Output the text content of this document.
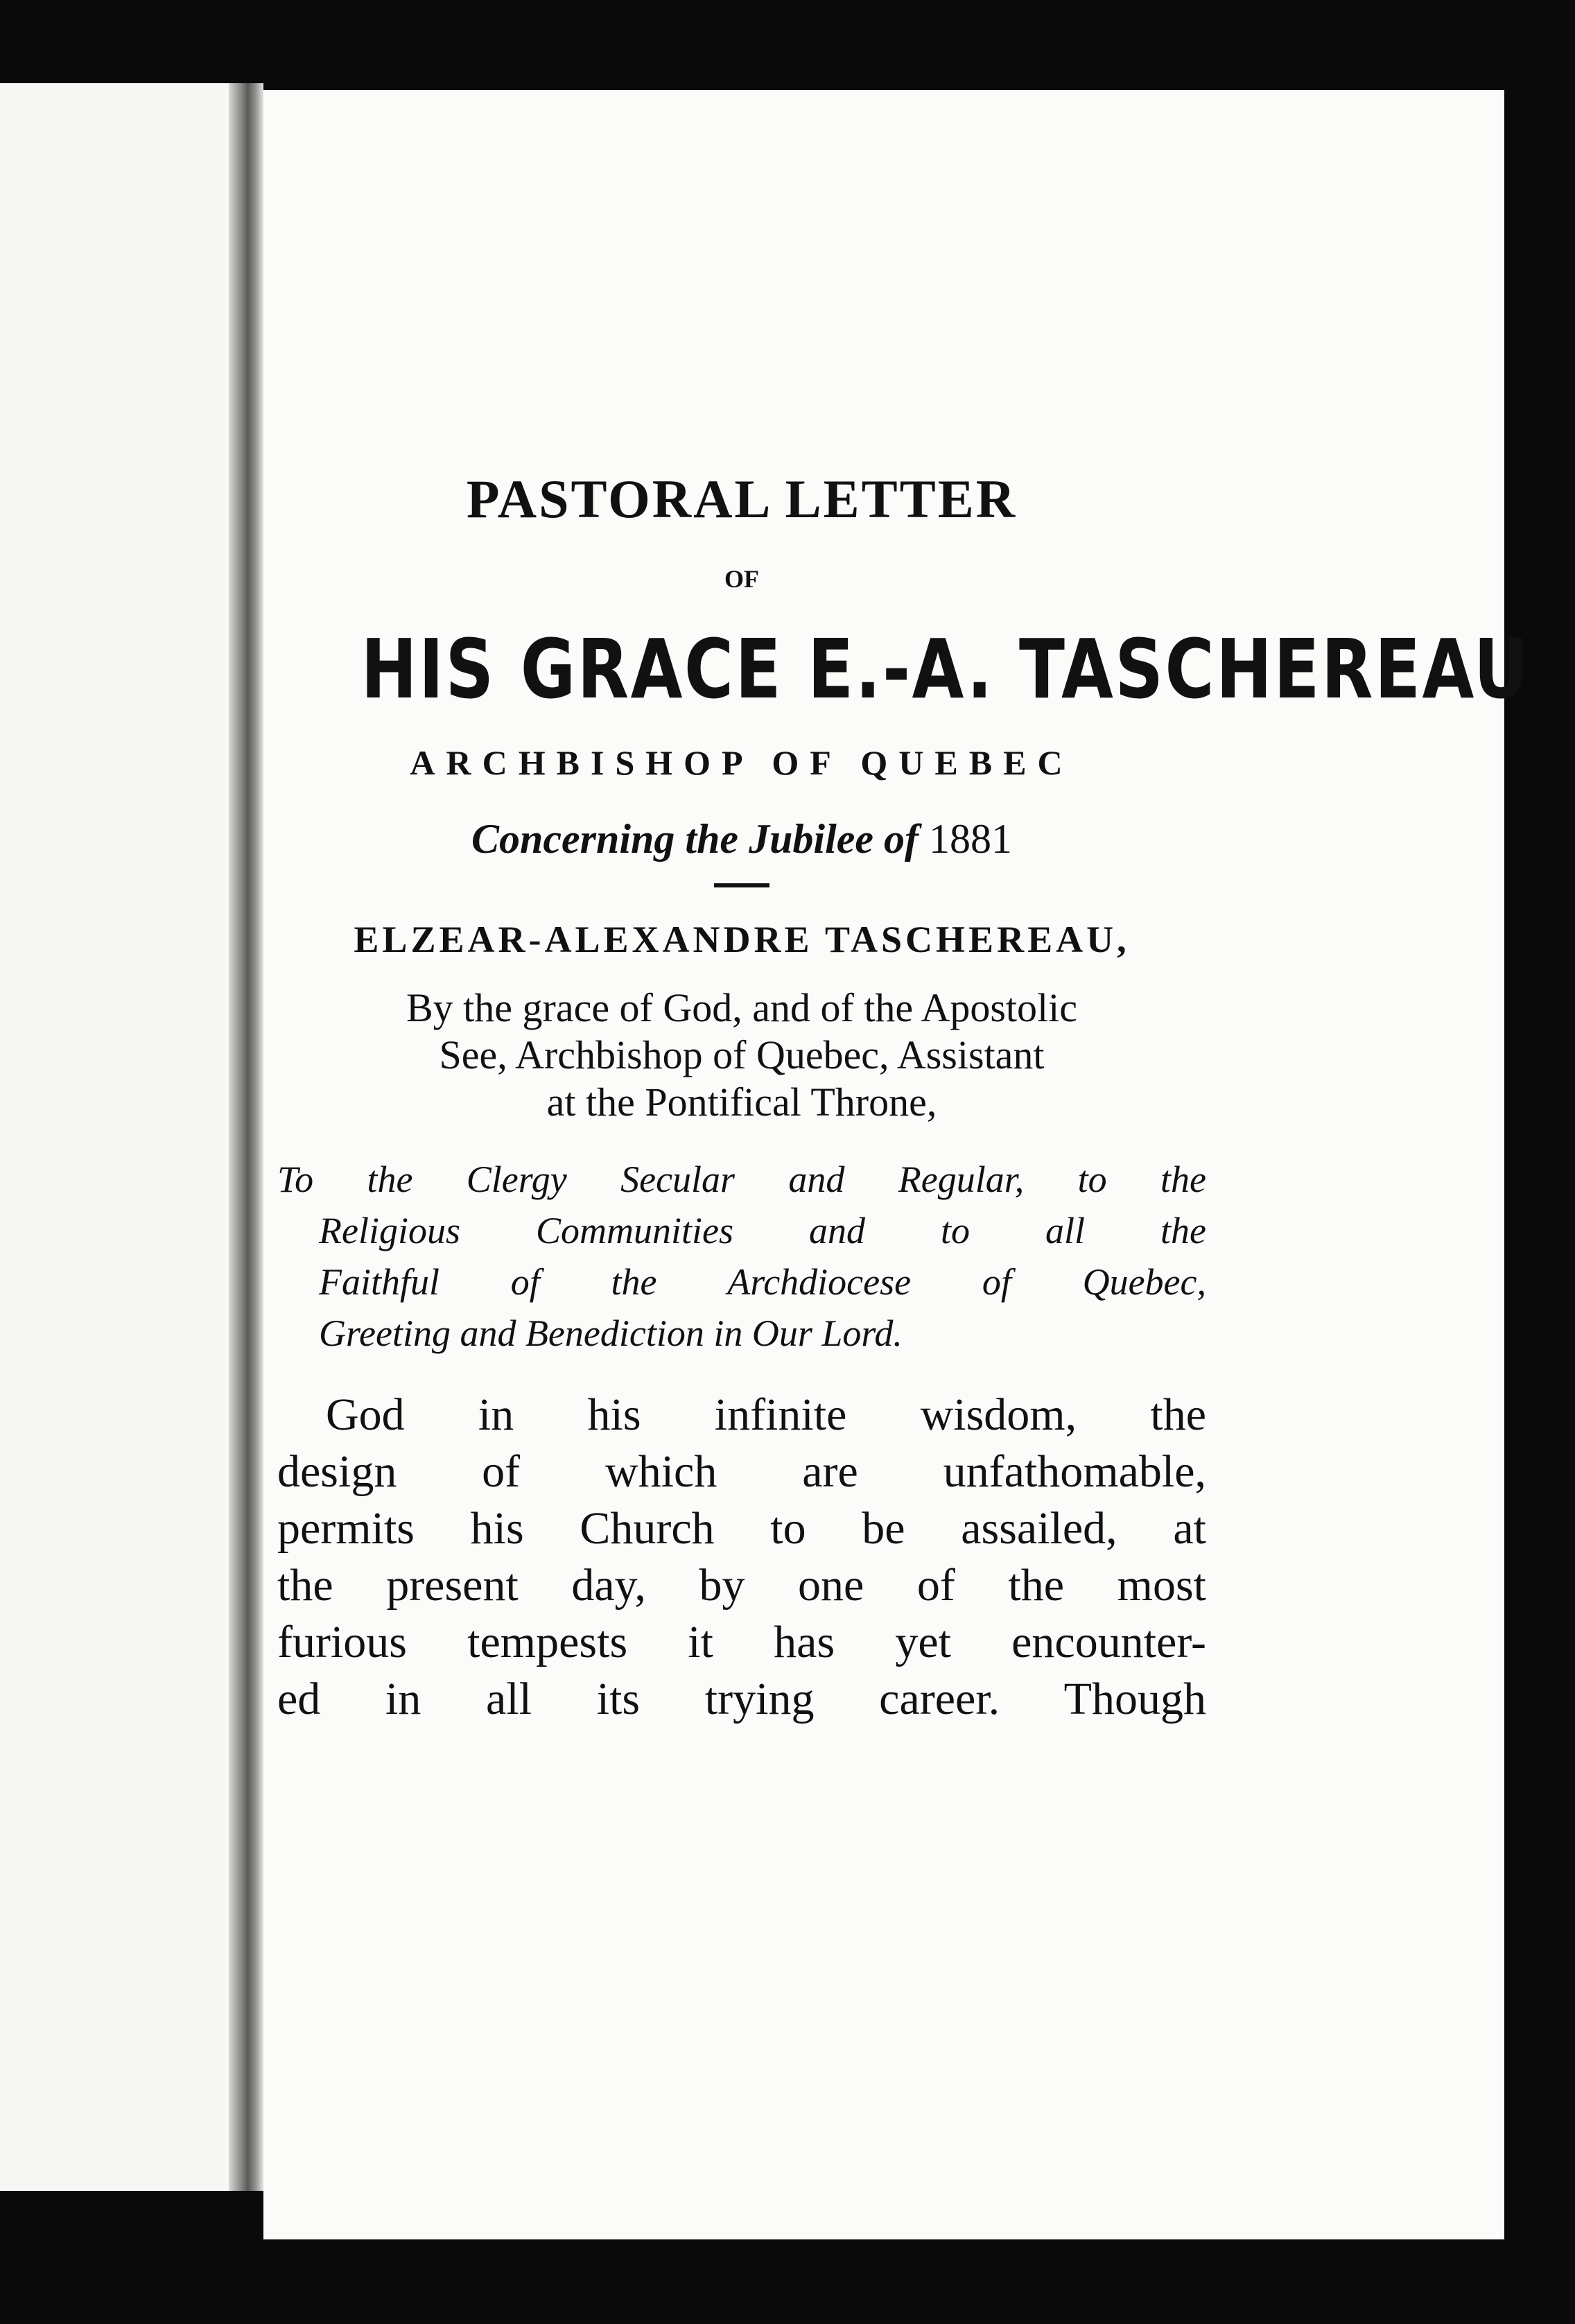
PASTORAL LETTER

OF

HIS GRACE E.-A. TASCHEREAU

ARCHBISHOP OF QUEBEC

Concerning the Jubilee of 1881

ELZEAR-ALEXANDRE TASCHEREAU,

By the grace of God, and of the Apostolic
See, Archbishop of Quebec, Assistant
at the Pontifical Throne,

To the Clergy Secular and Regular, to the

Religious Communities and to all the

Faithful of the Archdiocese of Quebec,

Greeting and Benediction in Our Lord.

God in his infinite wisdom, the
design of which are unfathomable,
permits his Church to be assailed, at
the present day, by one of the most
furious tempests it has yet encounter-
ed in all its trying career. Though
